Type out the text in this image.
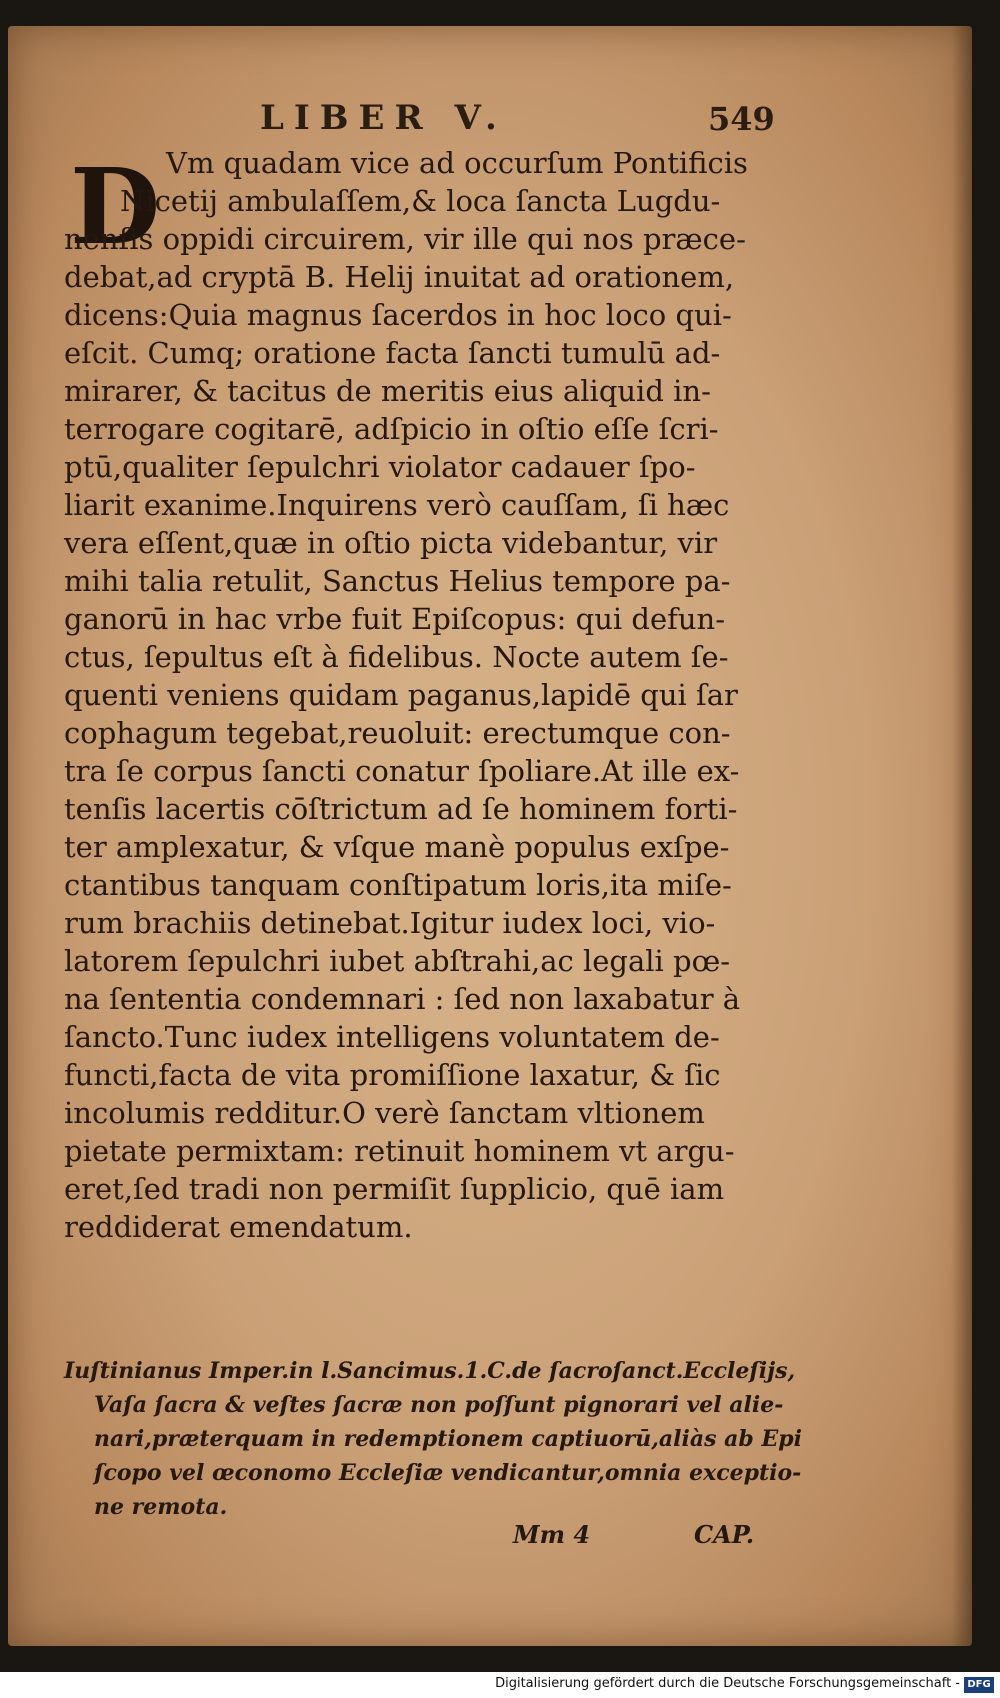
LIBER V.	549
D Vm quadam vice ad occurſum Pontificis
Nicetij ambulaſſem,& loca ſancta Lugdu-
nenſis oppidi circuirem, vir ille qui nos præce-
debat,ad cryptā B. Helij inuitat ad orationem,
dicens:Quia magnus ſacerdos in hoc loco qui-
eſcit. Cumq; oratione facta ſancti tumulū ad-
mirarer, & tacitus de meritis eius aliquid in-
terrogare cogitarē, adſpicio in oſtio eſſe ſcri-
ptū,qualiter ſepulchri violator cadauer ſpo-
liarit exanime.Inquirens verò cauſſam, ſi hæc
vera eſſent,quæ in oſtio picta videbantur, vir
mihi talia retulit, Sanctus Helius tempore pa-
ganorū in hac vrbe fuit Epiſcopus: qui defun-
ctus, ſepultus eſt à fidelibus. Nocte autem ſe-
quenti veniens quidam paganus,lapidē qui ſar
cophagum tegebat,reuoluit: erectumque con-
tra ſe corpus ſancti conatur ſpoliare.At ille ex-
tenſis lacertis cōſtrictum ad ſe hominem forti-
ter amplexatur, & vſque manè populus exſpe-
ctantibus tanquam conſtipatum loris,ita miſe-
rum brachiis detinebat.Igitur iudex loci, vio-
latorem ſepulchri iubet abſtrahi,ac legali pœ-
na ſententia condemnari : ſed non laxabatur à
ſancto.Tunc iudex intelligens voluntatem de-
functi,facta de vita promiſſione laxatur, & ſic
incolumis redditur.O verè ſanctam vltionem
pietate permixtam: retinuit hominem vt argu-
eret,ſed tradi non permiſit ſupplicio, quē iam
reddiderat emendatum.
Iuſtinianus Imper.in l.Sancimus.1.C.de ſacroſanct.Eccleſijs,
Vaſa ſacra & veſtes ſacræ non poſſunt pignorari vel alie-
nari,præterquam in redemptionem captiuorū,aliàs ab Epi
ſcopo vel œconomo Eccleſiæ vendicantur,omnia exceptio-
ne remota.
Mm 4	CAP.
Digitalisierung gefördert durch die Deutsche Forschungsgemeinschaft - DFG
